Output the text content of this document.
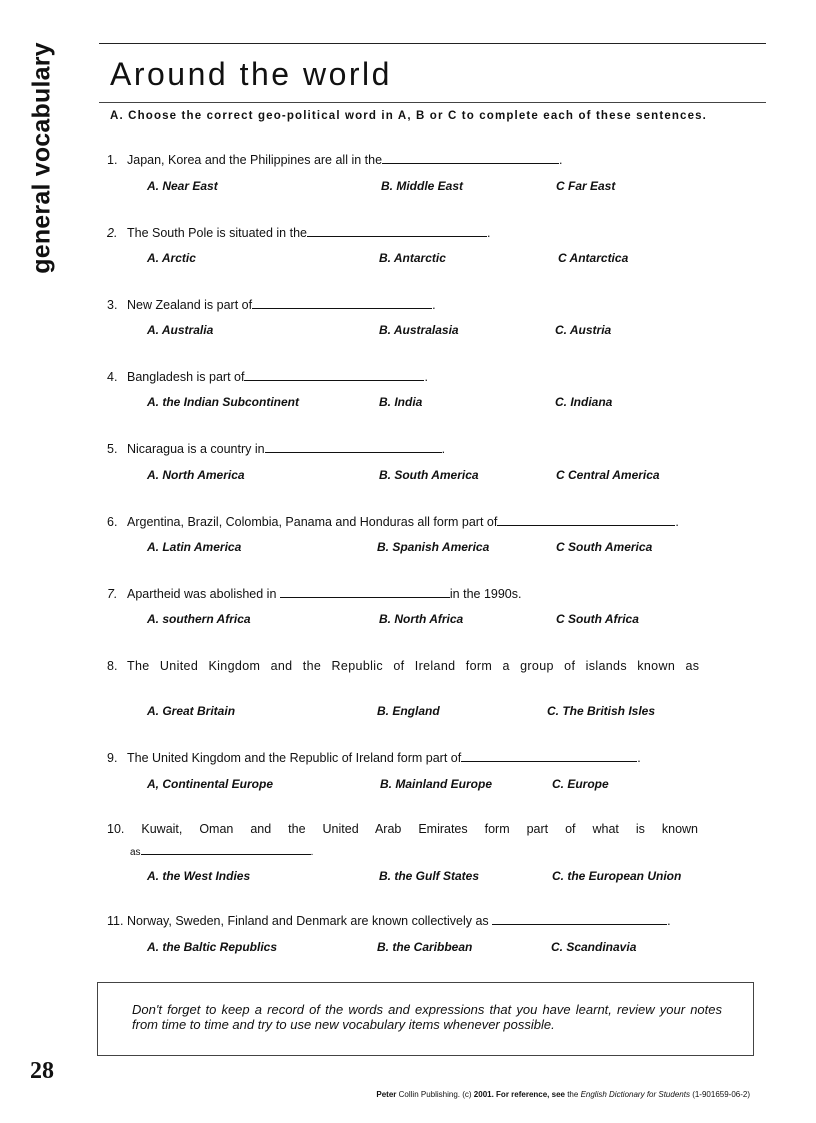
general vocabulary Around the world
A. Choose the correct geo-political word in A, B or C to complete each of these sentences.
1. Japan, Korea and the Philippines are all in the	.
A. Near East	B. Middle East	C Far East
2. The South Pole is situated in the	.
A. Arctic	B. Antarctic	C Antarctica
3. New Zealand is part of	.
A. Australia	B. Australasia	C. Austria
4. Bangladesh is part of	.
A. the Indian Subcontinent	B. India	C. Indiana
5. Nicaragua is a country in	.
A. North America	B. South America	C Central America
6. Argentina, Brazil, Colombia, Panama and Honduras all form part of	.
A. Latin America	B. Spanish America	C South America
7. Apartheid was abolished in	in the 1990s.
A. southern Africa	B. North Africa	C South Africa
8. The United Kingdom and the Republic of Ireland form a group of islands known as
A. Great Britain	B. England	C. The British Isles
9. The United Kingdom and the Republic of Ireland form part of	.
A, Continental Europe	B. Mainland Europe	C. Europe
10. Kuwait, Oman and the United Arab Emirates form part of what is known
as	.
A. the West Indies	B. the Gulf States	C. the European Union
11. Norway, Sweden, Finland and Denmark are known collectively as	.
A. the Baltic Republics	B. the Caribbean	C. Scandinavia
Don't forget to keep a record of the words and expressions that you have learnt, review your notes from time to time and try to use new vocabulary items whenever possible.
28
Peter Collin Publishing. (c) 2001. For reference, see the English Dictionary for Students (1-901659-06-2)
